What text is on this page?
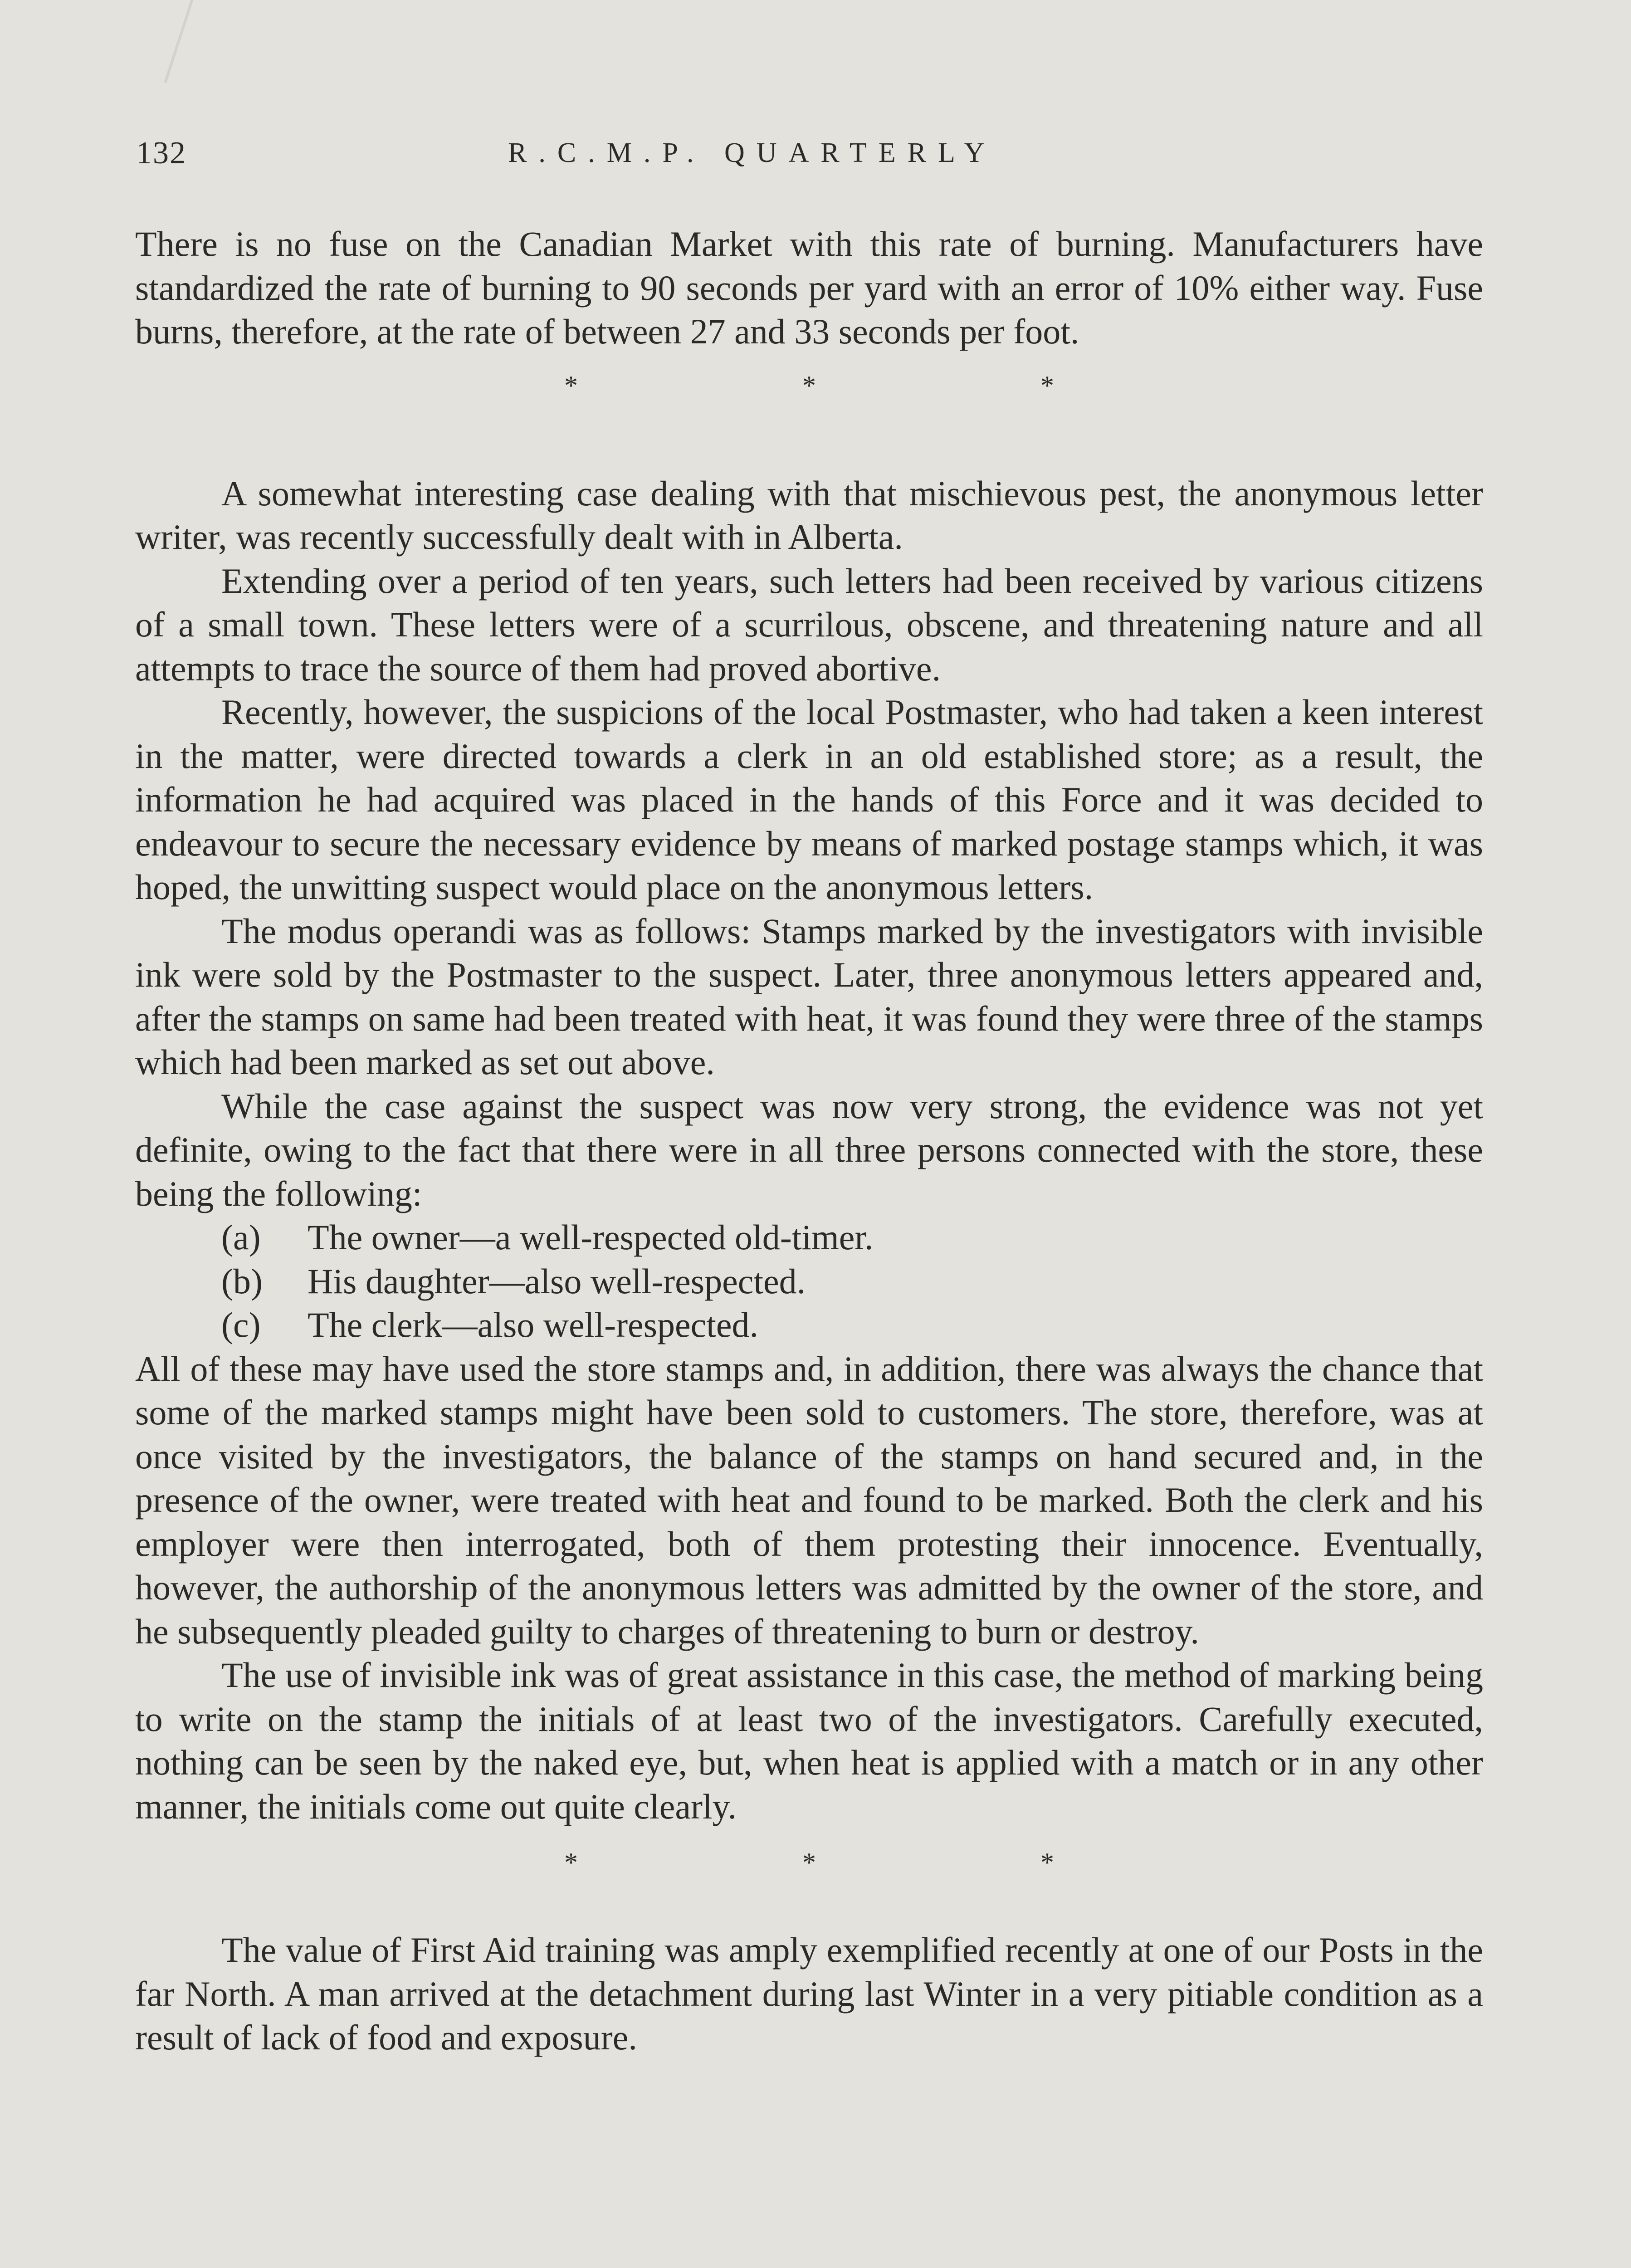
132	R.C.M.P. QUARTERLY

There is no fuse on the Canadian Market with this rate of burning. Manufacturers have standardized the rate of burning to 90 seconds per yard with an error of 10% either way. Fuse burns, therefore, at the rate of between 27 and 33 seconds per foot.

* * *

A somewhat interesting case dealing with that mischievous pest, the anonymous letter writer, was recently successfully dealt with in Alberta.

Extending over a period of ten years, such letters had been received by various citizens of a small town. These letters were of a scurrilous, obscene, and threatening nature and all attempts to trace the source of them had proved abortive.

Recently, however, the suspicions of the local Postmaster, who had taken a keen interest in the matter, were directed towards a clerk in an old established store; as a result, the information he had acquired was placed in the hands of this Force and it was decided to endeavour to secure the necessary evidence by means of marked postage stamps which, it was hoped, the unwitting suspect would place on the anonymous letters.

The modus operandi was as follows: Stamps marked by the investigators with invisible ink were sold by the Postmaster to the suspect. Later, three anonymous letters appeared and, after the stamps on same had been treated with heat, it was found they were three of the stamps which had been marked as set out above.

While the case against the suspect was now very strong, the evidence was not yet definite, owing to the fact that there were in all three persons connected with the store, these being the following:

(a) The owner—a well-respected old-timer.

(b) His daughter—also well-respected.

(c) The clerk—also well-respected.

All of these may have used the store stamps and, in addition, there was always the chance that some of the marked stamps might have been sold to customers. The store, therefore, was at once visited by the investigators, the balance of the stamps on hand secured and, in the presence of the owner, were treated with heat and found to be marked. Both the clerk and his employer were then interrogated, both of them protesting their innocence. Eventually, however, the authorship of the anonymous letters was admitted by the owner of the store, and he subsequently pleaded guilty to charges of threatening to burn or destroy.

The use of invisible ink was of great assistance in this case, the method of marking being to write on the stamp the initials of at least two of the investigators. Carefully executed, nothing can be seen by the naked eye, but, when heat is applied with a match or in any other manner, the initials come out quite clearly.

* * *

The value of First Aid training was amply exemplified recently at one of our Posts in the far North. A man arrived at the detachment during last Winter in a very pitiable condition as a result of lack of food and exposure.
